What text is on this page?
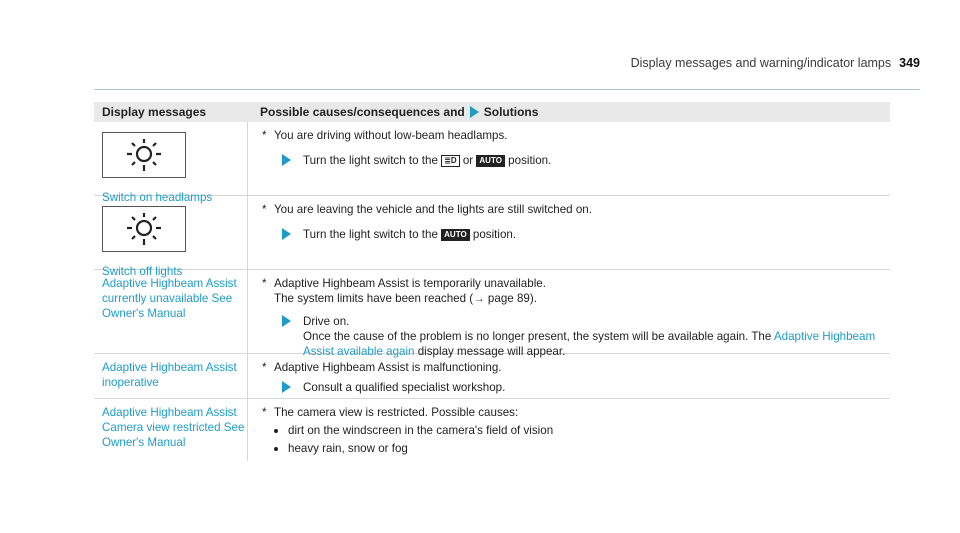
Display messages and warning/indicator lamps 349
Display messages	Possible causes/consequences and Solutions
Switch on headlamps
* You are driving without low-beam headlamps.
Turn the light switch to the ≣D or AUTO position.
Switch off lights
* You are leaving the vehicle and the lights are still switched on.
Turn the light switch to the AUTO position.
Adaptive Highbeam Assist currently unavailable See Owner's Manual
* Adaptive Highbeam Assist is temporarily unavailable.
The system limits have been reached (→ page 89).
Drive on.
Once the cause of the problem is no longer present, the system will be available again. The Adaptive Highbeam Assist available again display message will appear.
Adaptive Highbeam Assist inoperative
* Adaptive Highbeam Assist is malfunctioning.
Consult a qualified specialist workshop.
Adaptive Highbeam Assist Camera view restricted See Owner's Manual
* The camera view is restricted. Possible causes:
dirt on the windscreen in the camera's field of vision
heavy rain, snow or fog
